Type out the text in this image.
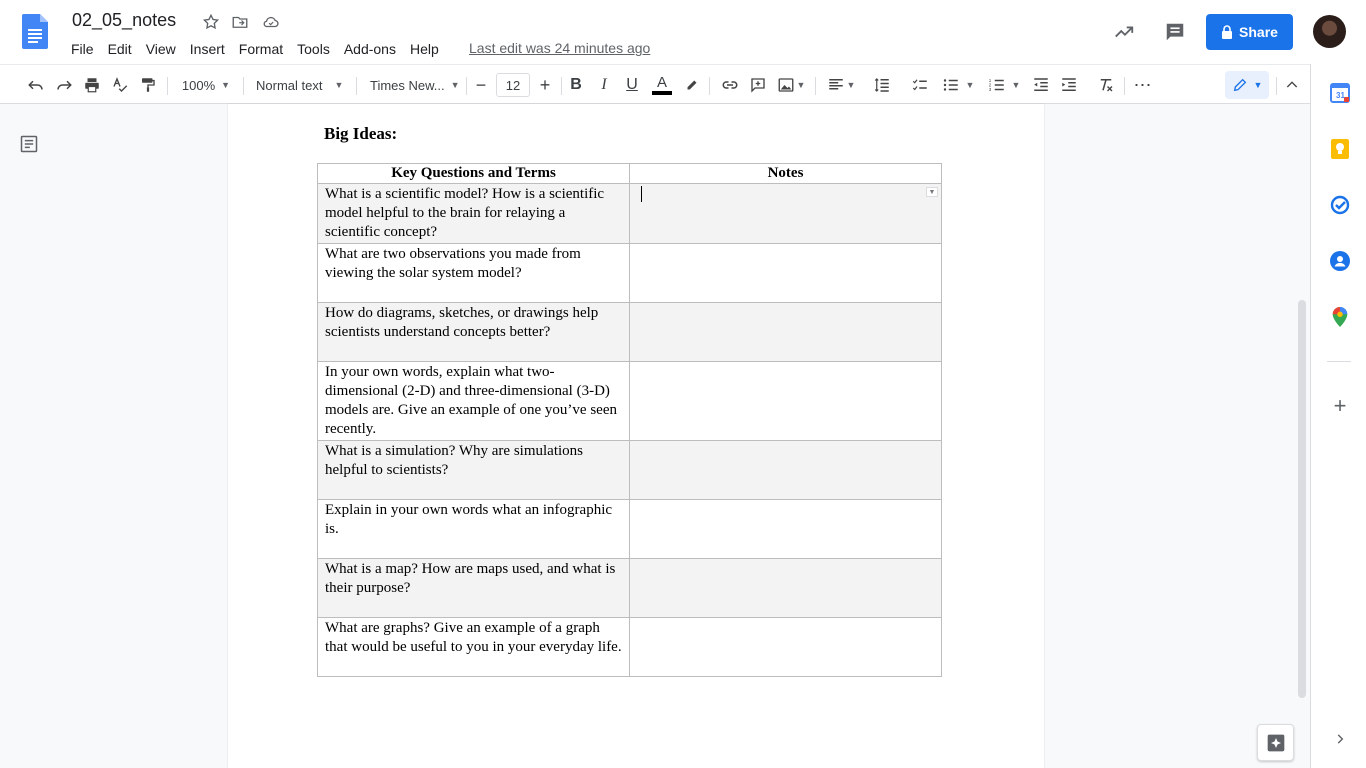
02_05_notes
File	Edit	View	Insert	Format	Tools	Add-ons	Help	Last edit was 24 minutes ago
Share
100% ▼ Normal text ▼ Times New... ▼ −	12	+	B	I	U	A	▼	▼	▼ 1
2
3 ▼	⋯	▼
Big Ideas:
Key Questions and Terms	Notes
What is a scientific model? How is a scientific model helpful to the brain for relaying a scientific concept?	
What are two observations you made from viewing the solar system model?	
How do diagrams, sketches, or drawings help scientists understand concepts better?	
In your own words, explain what two-dimensional (2-D) and three-dimensional (3-D) models are. Give an example of one you’ve seen recently.	
What is a simulation? Why are simulations helpful to scientists?	
Explain in your own words what an infographic is.	
What is a map? How are maps used, and what is their purpose?	
What are graphs? Give an example of a graph that would be useful to you in your everyday life.	
▼
31
+
